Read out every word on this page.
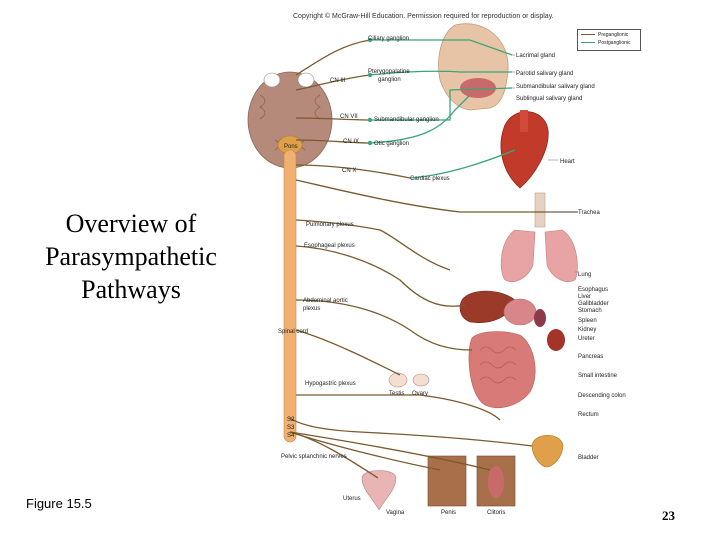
Overview of
Parasympathetic
Pathways
Figure 15.5
23
Copyright © McGraw-Hill Education. Permission required for reproduction or display.
Ciliary ganglion
Pterygopalatine
ganglion
CN III
CN VII	Submandibular ganglion
CN IX Otic ganglion
CN X
Pons
Cardiac plexus
Pulmonary plexus
Esophageal plexus
Abdominal aortic
plexus
Spinal cord
Hypogastric plexus
Testis Ovary
S2
S3
S4
Pelvic splanchnic nerves
Uterus
Vagina	Penis	Clitoris
Lacrimal gland
Parotid salivary gland
Submandibular salivary gland
Sublingual salivary gland
Heart
Trachea
Lung
Esophagus
Liver
Gallbladder
Stomach
Spleen
Kidney
Ureter
Pancreas
Small intestine
Descending colon
Rectum
Bladder
Preganglionic
Postganglionic
